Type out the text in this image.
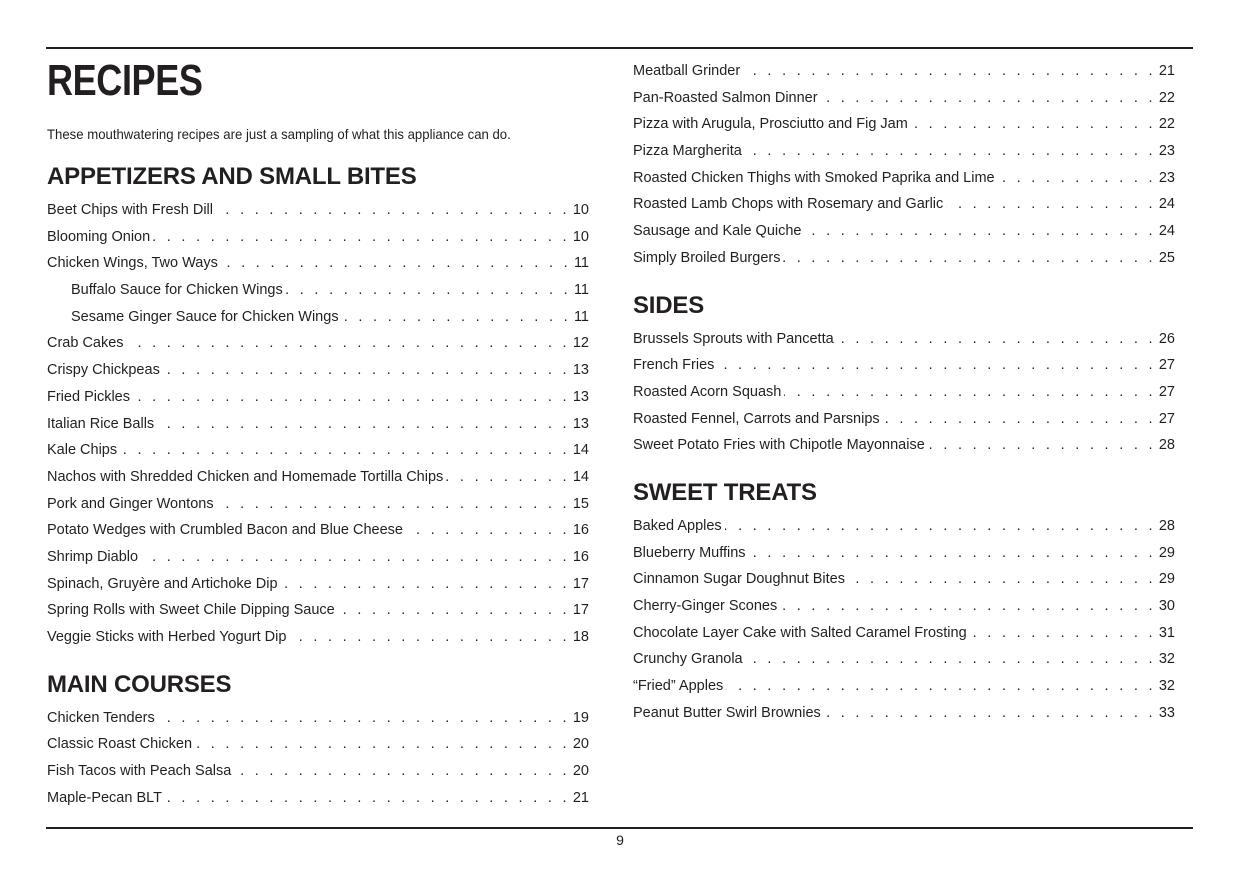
RECIPES
These mouthwatering recipes are just a sampling of what this appliance can do.
APPETIZERS AND SMALL BITES
Beet Chips with Fresh Dill . . .	10
Blooming Onion . . .	10
Chicken Wings, Two Ways . . .	11
Buffalo Sauce for Chicken Wings . . .	11
Sesame Ginger Sauce for Chicken Wings . . .	11
Crab Cakes . . .	12
Crispy Chickpeas . . .	13
Fried Pickles . . .	13
Italian Rice Balls . . .	13
Kale Chips . . .	14
Nachos with Shredded Chicken and Homemade Tortilla Chips . . .	14
Pork and Ginger Wontons . . .	15
Potato Wedges with Crumbled Bacon and Blue Cheese . . .	16
Shrimp Diablo . . .	16
Spinach, Gruyère and Artichoke Dip . . .	17
Spring Rolls with Sweet Chile Dipping Sauce . . .	17
Veggie Sticks with Herbed Yogurt Dip . . .	18
MAIN COURSES
Chicken Tenders . . .	19
Classic Roast Chicken . . .	20
Fish Tacos with Peach Salsa . . .	20
Maple-Pecan BLT . . .	21
Meatball Grinder . . .	21
Pan-Roasted Salmon Dinner . . .	22
Pizza with Arugula, Prosciutto and Fig Jam . . .	22
Pizza Margherita . . .	23
Roasted Chicken Thighs with Smoked Paprika and Lime . . .	23
Roasted Lamb Chops with Rosemary and Garlic . . .	24
Sausage and Kale Quiche . . .	24
Simply Broiled Burgers . . .	25
SIDES
Brussels Sprouts with Pancetta . . .	26
French Fries . . .	27
Roasted Acorn Squash . . .	27
Roasted Fennel, Carrots and Parsnips . . .	27
Sweet Potato Fries with Chipotle Mayonnaise . . .	28
SWEET TREATS
Baked Apples . . .	28
Blueberry Muffins . . .	29
Cinnamon Sugar Doughnut Bites . . .	29
Cherry-Ginger Scones . . .	30
Chocolate Layer Cake with Salted Caramel Frosting . . .	31
Crunchy Granola . . .	32
“Fried” Apples . . .	32
Peanut Butter Swirl Brownies . . .	33
9
